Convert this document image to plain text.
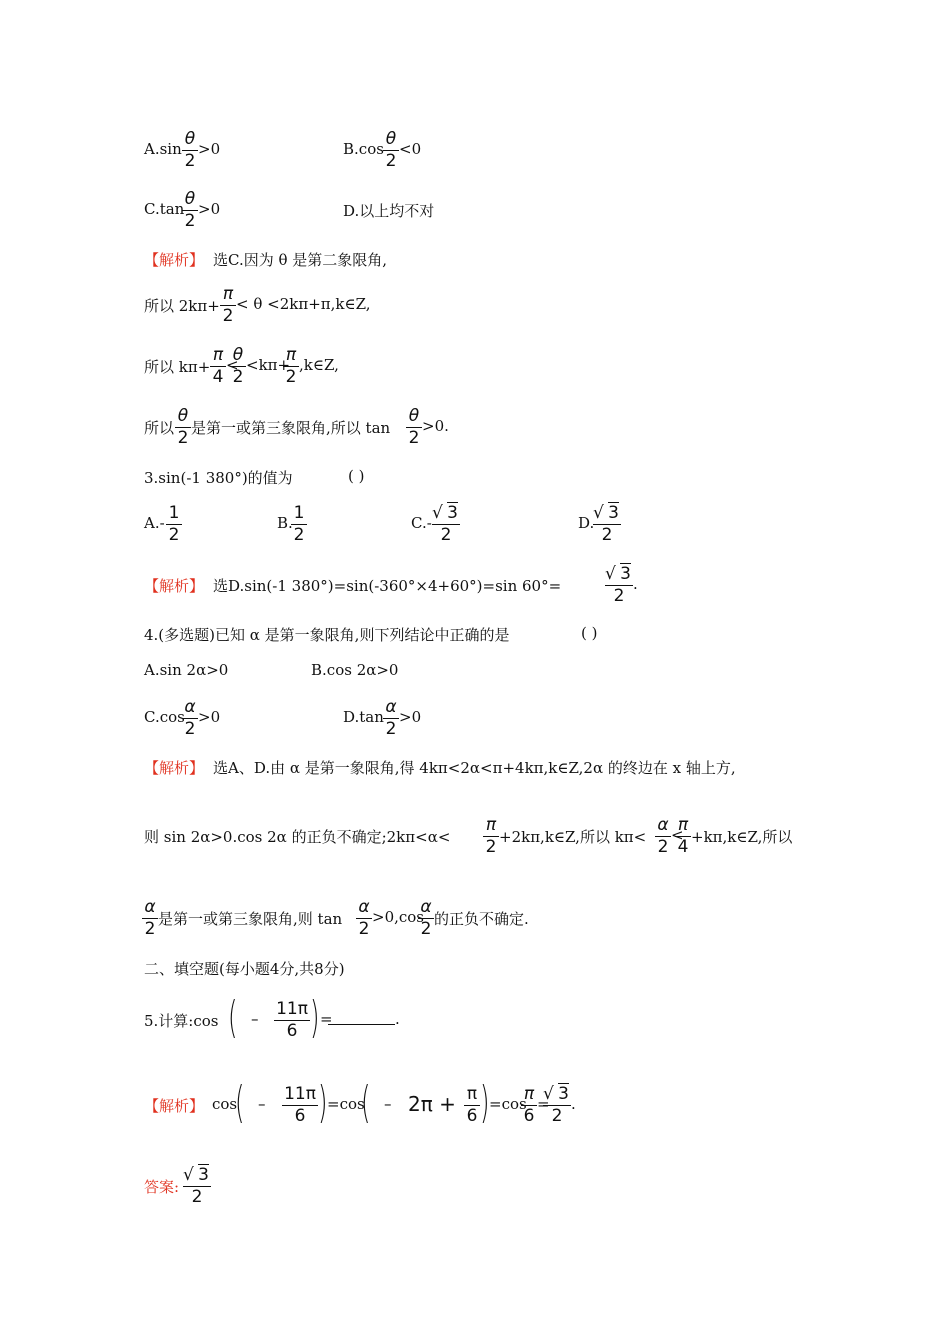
A.sin θ
2
>0	B.cos θ
2
<0
C.tan θ
2
>0	D.以上均不对
【解析】 选C.因为 θ 是第二象限角,
所以 2kπ+
π
2
< θ <2kπ+π,k∈Z,
所以 kπ+
π
4
<
θ
2
<kπ+
π
2
,k∈Z,
所以
θ
2 是第一或第三象限角,所以 tan
θ
2
>0.
3.sin(-1 380°)的值为	( )
A.- 1
2
B. 1
2
C.- √ 3
2
D.
√ 3
2
【解析】 选D.sin(-1 380°)=sin(-360°×4+60°)=sin 60°=
√ 3
2
.
4.(多选题)已知 α 是第一象限角,则下列结论中正确的是	( )
A.sin 2α>0	B.cos 2α>0
C.cos α
2
>0	D.tan α
2
>0
【解析】 选A、D.由 α 是第一象限角,得 4kπ<2α<π+4kπ,k∈Z,2α 的终边在 x 轴上方,
则 sin 2α>0.cos 2α 的正负不确定;2kπ<α<
π
2 +2kπ,k∈Z,所以 kπ<
α
2
<
π
4 +kπ,k∈Z,所以
α
2 是第一或第三象限角,则 tan
α
2
>0,cos
α
2 的正负不确定.
二、填空题(每小题4分,共8分)
5.计算:cos ( – 11π
6 ) =	.
【解析】 cos
( – 11π
6 ) =cos
( – 2π + π
6 ) =cos
π
6
=
√ 3
2
.
答案:
√ 3
2
